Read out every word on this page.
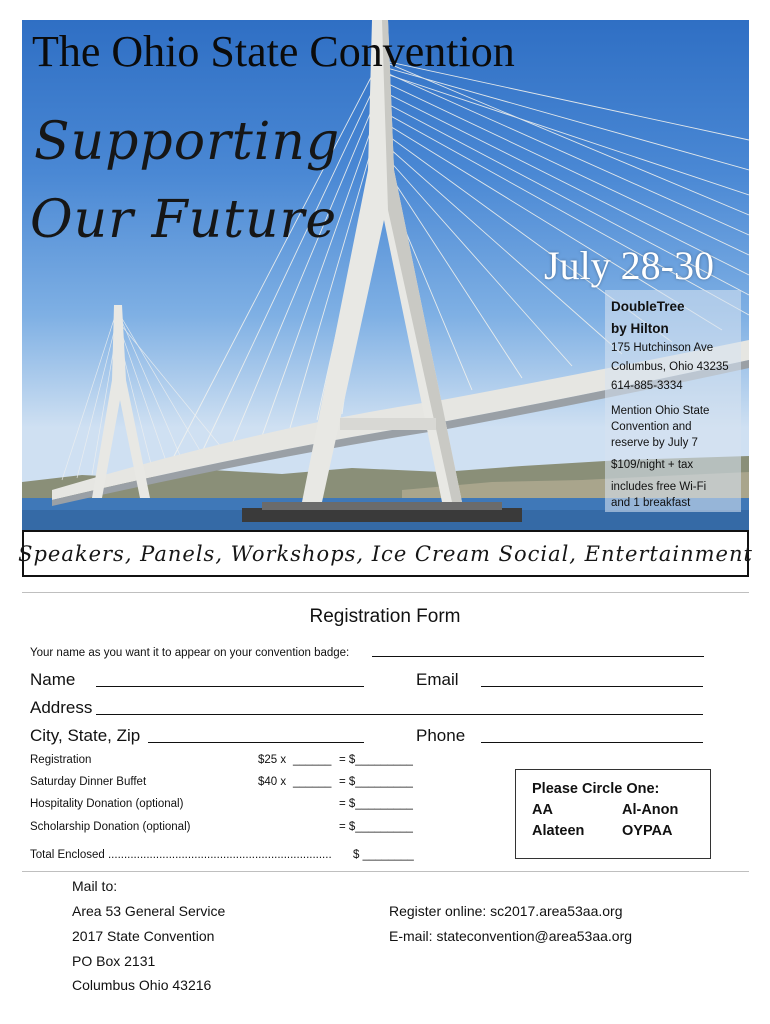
The Ohio State Convention
Supporting
Our Future
July 28-30
DoubleTree
by Hilton
175 Hutchinson Ave
Columbus, Ohio 43235
614-885-3334
Mention Ohio State
Convention and
reserve by July 7
$109/night + tax
includes free Wi-Fi
and 1 breakfast
Speakers, Panels, Workshops, Ice Cream Social, Entertainment
Registration Form
Your name as you want it to appear on your convention badge:
Name	Email
Address
City, State, Zip	Phone
Registration	$25 x ______ = $_________
Saturday Dinner Buffet	$40 x ______ = $_________
Hospitality Donation (optional)	= $_________
Scholarship Donation (optional)	= $_________
Total Enclosed ......................................................................	$ ________
Please Circle One:
AA	Al-Anon
Alateen	OYPAA
Mail to:
Area 53 General Service
2017 State Convention
PO Box 2131
Columbus Ohio 43216
Register online: sc2017.area53aa.org
E-mail: stateconvention@area53aa.org
